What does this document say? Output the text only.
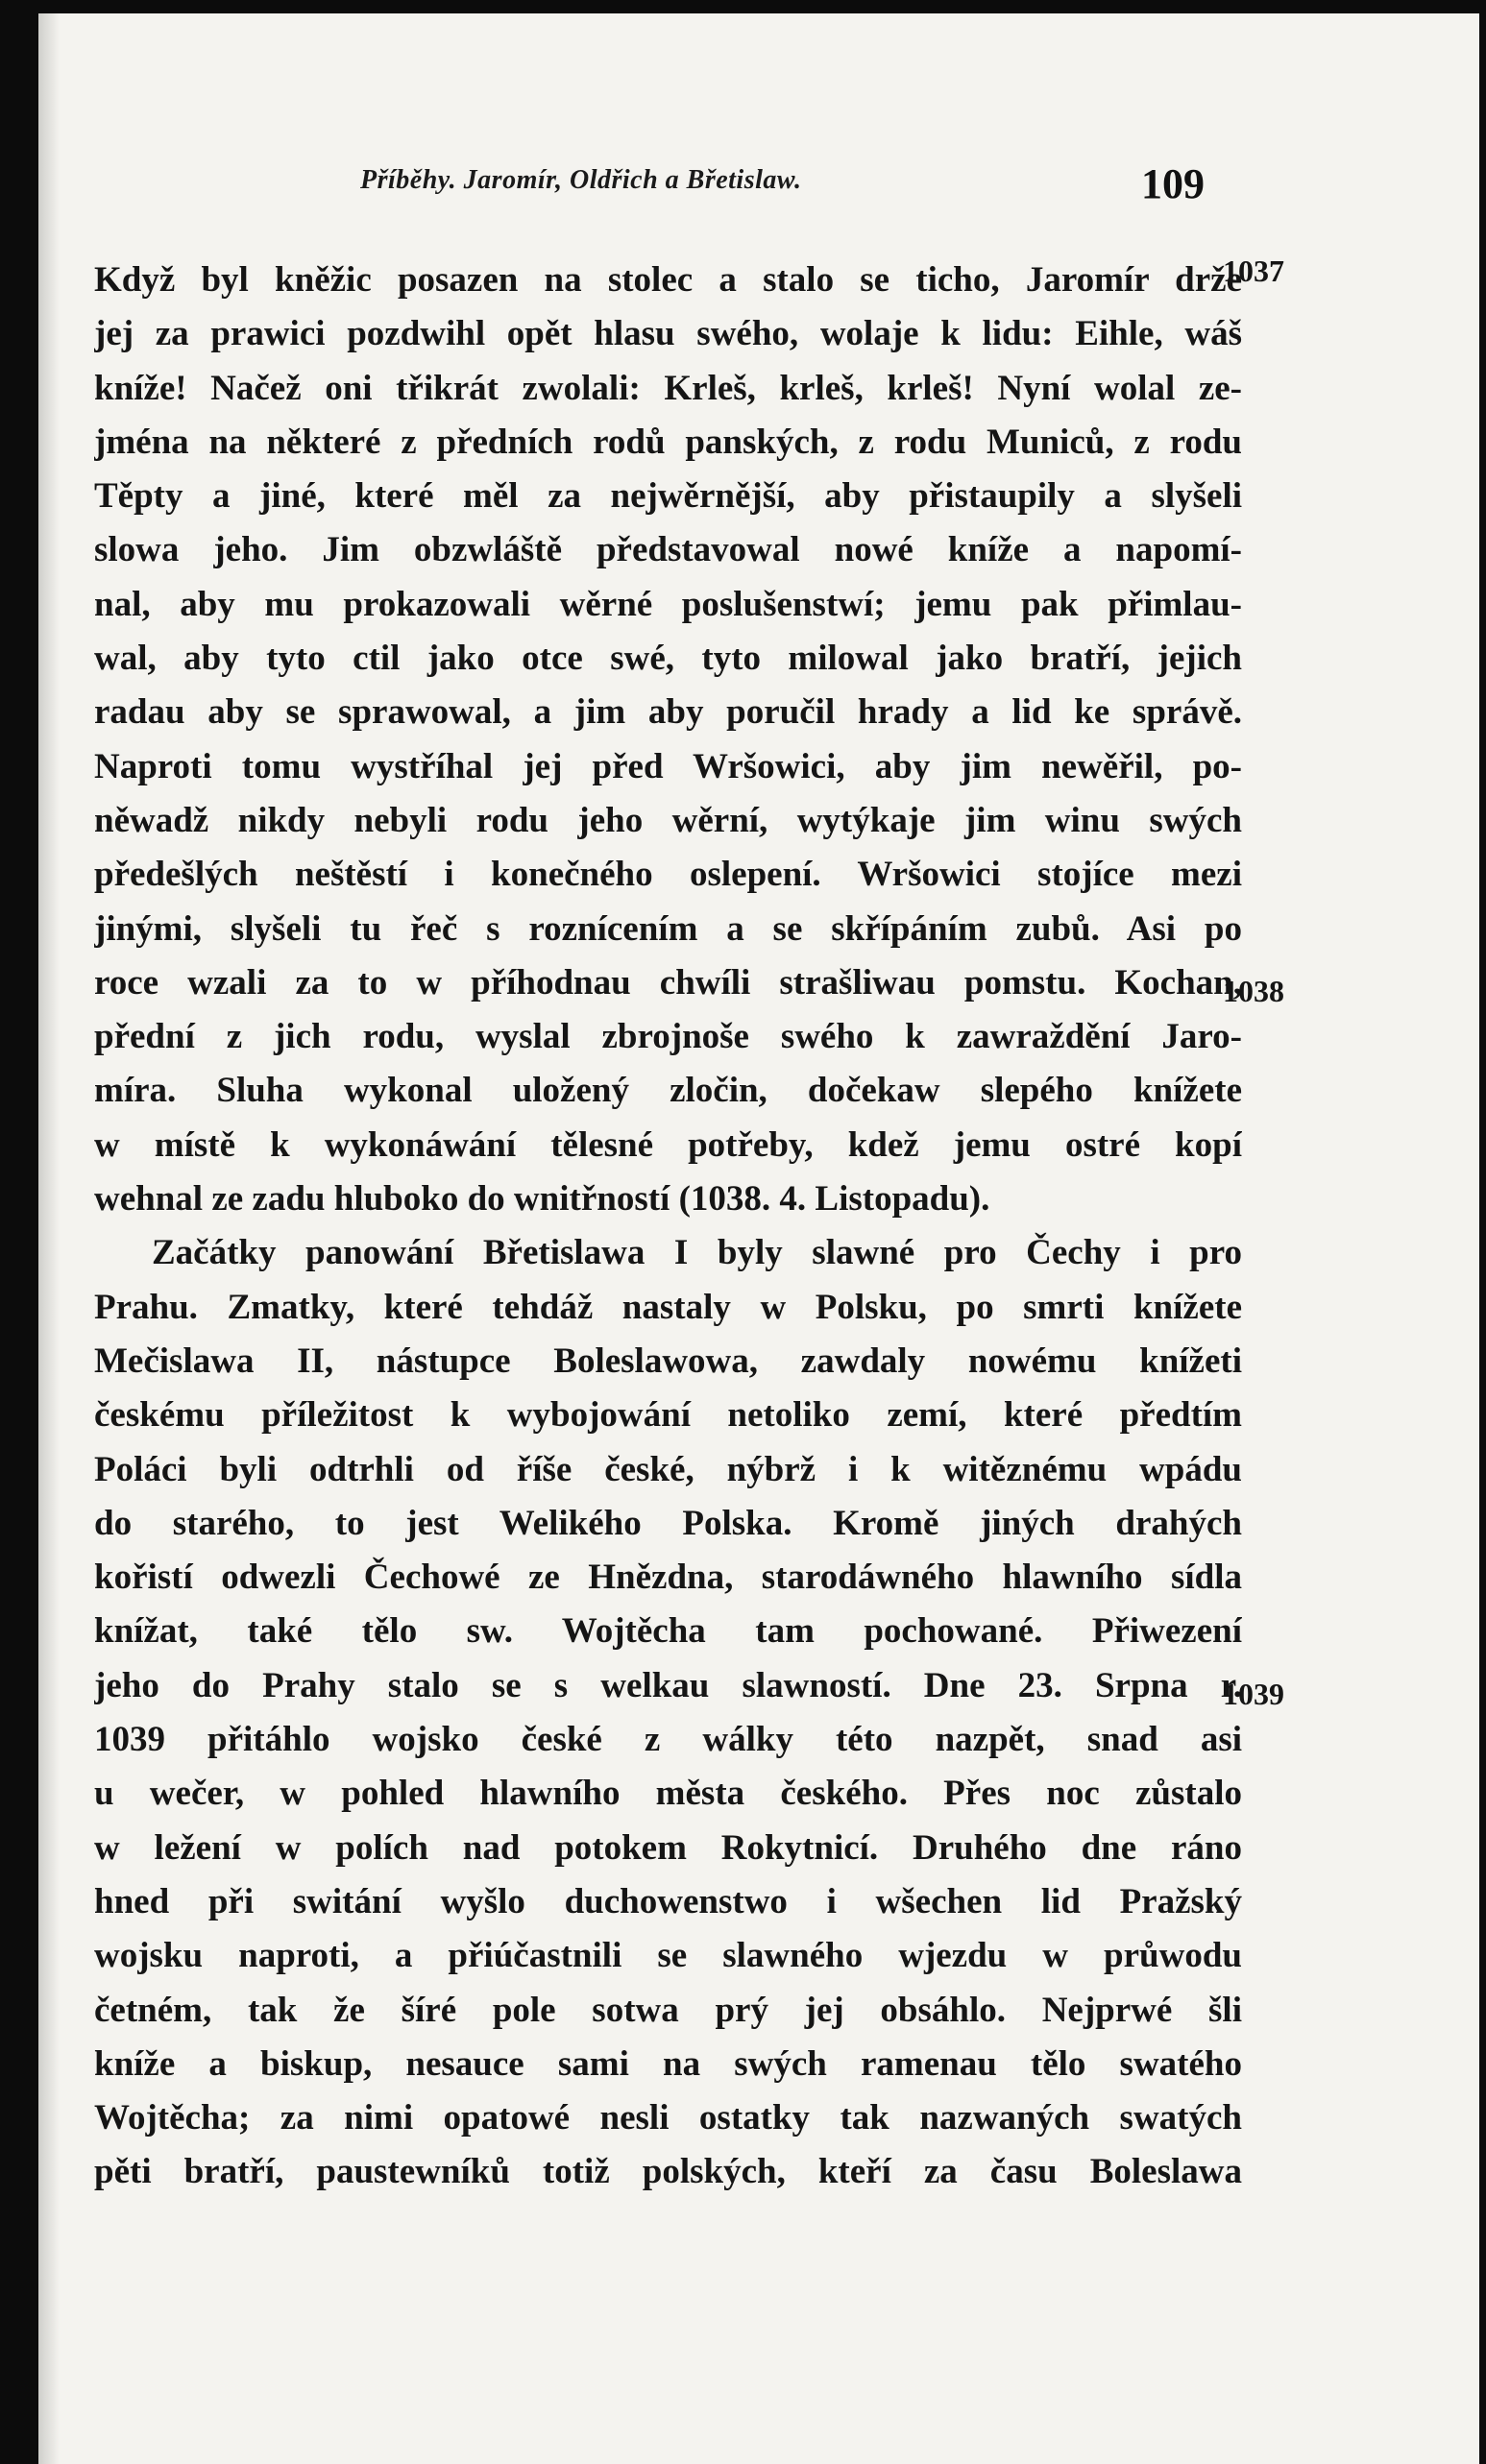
Příběhy. Jaromír, Oldřich a Břetislaw.	109
1037
1038
1039
Když byl kněžic posazen na stolec a stalo se ticho, Jaromír drže
jej za prawici pozdwihl opět hlasu swého, wolaje k lidu: Eihle, wáš
kníže! Načež oni třikrát zwolali: Krleš, krleš, krleš! Nyní wolal ze-
jména na některé z předních rodů panských, z rodu Municů, z rodu
Těpty a jiné, které měl za nejwěrnější, aby přistaupily a slyšeli
slowa jeho. Jim obzwláště představowal nowé kníže a napomí-
nal, aby mu prokazowali wěrné poslušenstwí; jemu pak přimlau-
wal, aby tyto ctil jako otce swé, tyto milowal jako bratří, jejich
radau aby se sprawowal, a jim aby poručil hrady a lid ke správě.
Naproti tomu wystříhal jej před Wršowici, aby jim newěřil, po-
něwadž nikdy nebyli rodu jeho wěrní, wytýkaje jim winu swých
předešlých neštěstí i konečného oslepení. Wršowici stojíce mezi
jinými, slyšeli tu řeč s roznícením a se skřípáním zubů. Asi po
roce wzali za to w příhodnau chwíli strašliwau pomstu. Kochan,
přední z jich rodu, wyslal zbrojnoše swého k zawraždění Jaro-
míra. Sluha wykonal uložený zločin, dočekaw slepého knížete
w místě k wykonáwání tělesné potřeby, kdež jemu ostré kopí
wehnal ze zadu hluboko do wnitřností (1038. 4. Listopadu).
Začátky panowání Břetislawa I byly slawné pro Čechy i pro
Prahu. Zmatky, které tehdáž nastaly w Polsku, po smrti knížete
Mečislawa II, nástupce Boleslawowa, zawdaly nowému knížeti
českému příležitost k wybojowání netoliko zemí, které předtím
Poláci byli odtrhli od říše české, nýbrž i k witěznému wpádu
do starého, to jest Welikého Polska. Kromě jiných drahých
kořistí odwezli Čechowé ze Hnězdna, starodáwného hlawního sídla
knížat, také tělo sw. Wojtěcha tam pochowané. Přiwezení
jeho do Prahy stalo se s welkau slawností. Dne 23. Srpna r.
1039 přitáhlo wojsko české z wálky této nazpět, snad asi
u wečer, w pohled hlawního města českého. Přes noc zůstalo
w ležení w polích nad potokem Rokytnicí. Druhého dne ráno
hned při switání wyšlo duchowenstwo i wšechen lid Pražský
wojsku naproti, a přiúčastnili se slawného wjezdu w průwodu
četném, tak že šíré pole sotwa prý jej obsáhlo. Nejprwé šli
kníže a biskup, nesauce sami na swých ramenau tělo swatého
Wojtěcha; za nimi opatowé nesli ostatky tak nazwaných swatých
pěti bratří, paustewníků totiž polských, kteří za času Boleslawa
